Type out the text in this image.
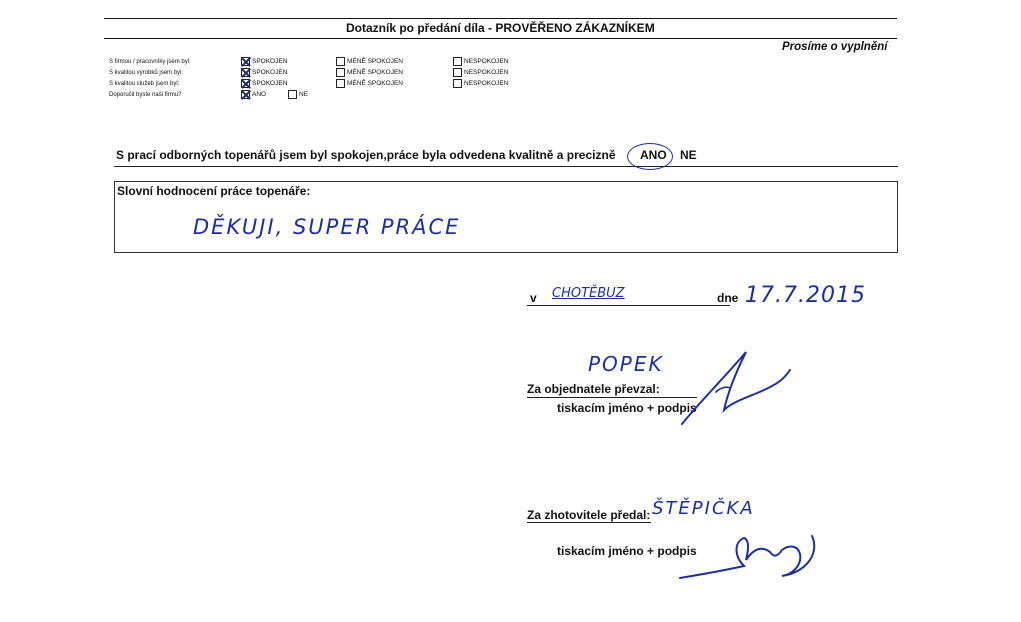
Dotazník po předání díla - PROVĚŘENO ZÁKAZNÍKEM
Prosíme o vyplnění
S firmou / pracovníky jsem byl:	SPOKOJEN	MÉNĚ SPOKOJEN	NESPOKOJEN
S kvalitou výrobků jsem byl:	SPOKOJEN	MÉNĚ SPOKOJEN	NESPOKOJEN
S kvalitou služeb jsem byl:	SPOKOJEN	MÉNĚ SPOKOJEN	NESPOKOJEN
Doporučil byste naši firmu?	ANO	NE
S prací odborných topenářů jsem byl spokojen,práce byla odvedena kvalitně a precizně ANO NE
Slovní hodnocení práce topenáře:
DĚKUJI, SUPER PRÁCE
v CHOTĚBUZ	dne 17.7.2015
POPEK
Za objednatele převzal:
tiskacím jméno + podpis
ŠTĚPIČKA
Za zhotovitele předal:
tiskacím jméno + podpis
